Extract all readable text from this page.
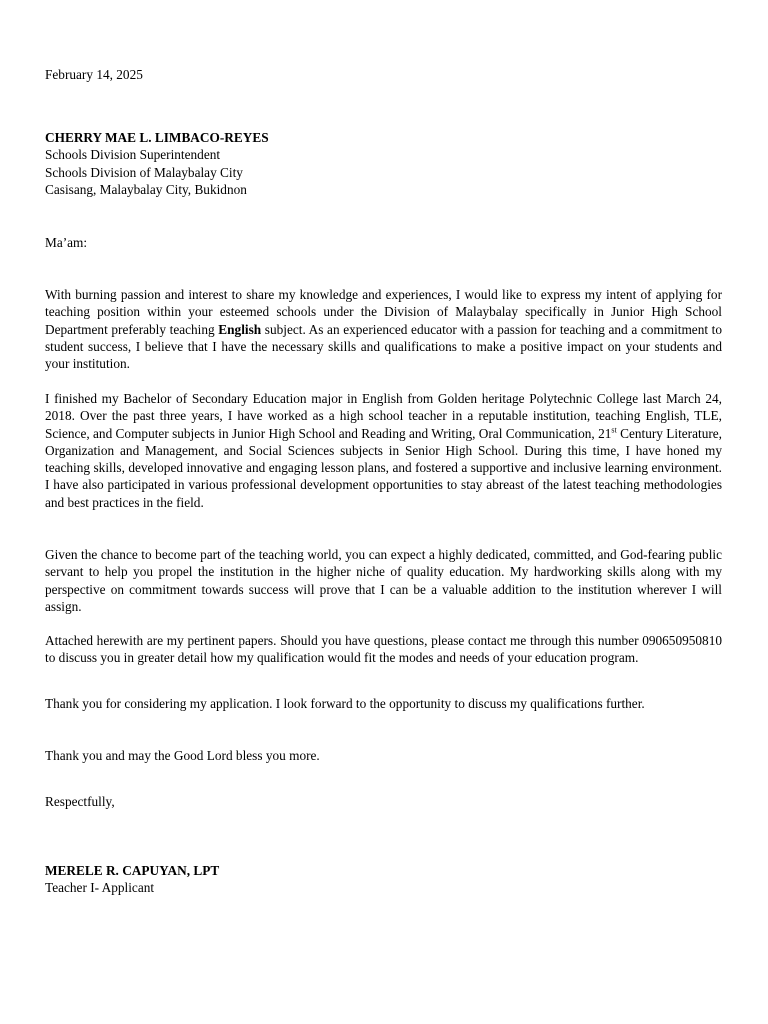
February 14, 2025
CHERRY MAE L. LIMBACO-REYES
Schools Division Superintendent
Schools Division of Malaybalay City
Casisang, Malaybalay City, Bukidnon
Ma’am:

With burning passion and interest to share my knowledge and experiences, I would like to express my intent of applying for teaching position within your esteemed schools under the Division of Malaybalay specifically in Junior High School Department preferably teaching English subject. As an experienced educator with a passion for teaching and a commitment to student success, I believe that I have the necessary skills and qualifications to make a positive impact on your students and your institution.

I finished my Bachelor of Secondary Education major in English from Golden heritage Polytechnic College last March 24, 2018. Over the past three years, I have worked as a high school teacher in a reputable institution, teaching English, TLE, Science, and Computer subjects in Junior High School and Reading and Writing, Oral Communication, 21st Century Literature, Organization and Management, and Social Sciences subjects in Senior High School. During this time, I have honed my teaching skills, developed innovative and engaging lesson plans, and fostered a supportive and inclusive learning environment. I have also participated in various professional development opportunities to stay abreast of the latest teaching methodologies and best practices in the field.

Given the chance to become part of the teaching world, you can expect a highly dedicated, committed, and God-fearing public servant to help you propel the institution in the higher niche of quality education. My hardworking skills along with my perspective on commitment towards success will prove that I can be a valuable addition to the institution wherever I will assign.

Attached herewith are my pertinent papers. Should you have questions, please contact me through this number 090650950810 to discuss you in greater detail how my qualification would fit the modes and needs of your education program.

Thank you for considering my application. I look forward to the opportunity to discuss my qualifications further.

Thank you and may the Good Lord bless you more.

Respectfully,
MERELE R. CAPUYAN, LPT
Teacher I- Applicant
